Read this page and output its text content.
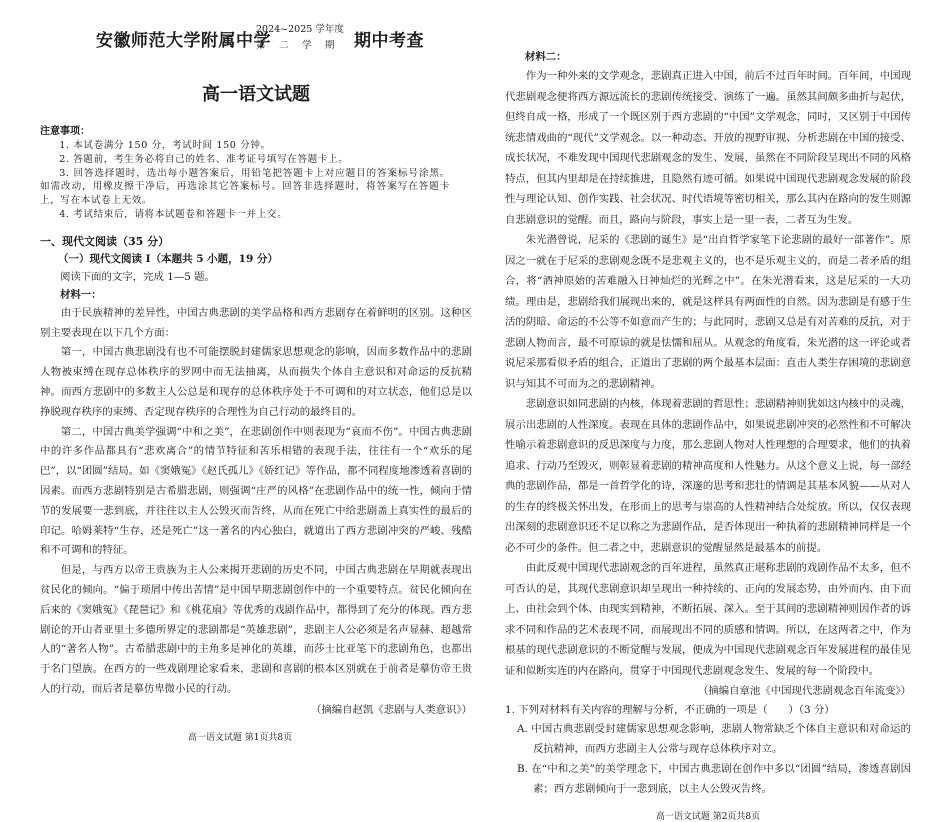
安徽师范大学附属中学
2024~2025 学年度
第　二　学　期 期中考查
高一语文试题
注意事项：

1. 本试卷满分 150 分，考试时间 150 分钟。

2. 答题前，考生务必将自己的姓名、准考证号填写在答题卡上。

3. 回答选择题时，选出每小题答案后，用铅笔把答题卡上对应题目的答案标号涂黑。如需改动，用橡皮擦干净后，再选涂其它答案标号。回答非选择题时，将答案写在答题卡上，写在本试卷上无效。

4. 考试结束后，请将本试题卷和答题卡一并上交。

一、现代文阅读（35 分）
（一）现代文阅读 I（本题共 5 小题，19 分）
阅读下面的文字，完成 1—5 题。
材料一：

由于民族精神的差异性，中国古典悲剧的美学品格和西方悲剧存在着鲜明的区别。这种区别主要表现在以下几个方面：

第一，中国古典悲剧没有也不可能摆脱封建儒家思想观念的影响，因而多数作品中的悲剧人物被束缚在现存总体秩序的罗网中而无法抽离，从而损失个体自主意识和对命运的反抗精神。而西方悲剧中的多数主人公总是和现存的总体秩序处于不可调和的对立状态，他们总是以挣脱现存秩序的束缚、否定现存秩序的合理性为自己行动的最终目的。

第二，中国古典美学强调“中和之美”，在悲剧创作中则表现为“哀而不伤”。中国古典悲剧中的许多作品都具有“悲欢离合”的情节特征和苦乐相错的表现手法，往往有一个“欢乐的尾巴”，以“团圆”结局。如《窦娥冤》《赵氏孤儿》《娇红记》等作品，都不同程度地渗透着喜剧的因素。而西方悲剧特别是古希腊悲剧，则强调“庄严的风格”在悲剧作品中的统一性，倾向于情节的发展要一悲到底，并往往以主人公毁灭而告终，从而在死亡中给悲剧盖上真实性的最后的印记。哈姆莱特“生存，还是死亡”这一著名的内心独白，就道出了西方悲剧冲突的严峻、残酷和不可调和的特征。

但是，与西方以帝王贵族为主人公来揭开悲剧的历史不同，中国古典悲剧在早期就表现出贫民化的倾向。“偏于琐屑中传出苦情”是中国早期悲剧创作中的一个重要特点。贫民化倾向在后来的《窦娥冤》《琵琶记》和《桃花扇》等优秀的戏剧作品中，都得到了充分的体现。西方悲剧论的开山者亚里士多德所界定的悲剧都是“英雄悲剧”，悲剧主人公必须是名声显赫、超越常人的“著名人物”。古希腊悲剧中的主角多是神化的英雄，而莎士比亚笔下的悲剧角色，也都出于名门望族。在西方的一些戏剧理论家看来，悲剧和喜剧的根本区别就在于前者是摹仿帝王贵人的行动，而后者是摹仿卑微小民的行动。

（摘编自赵凯《悲剧与人类意识》）
高一语文试题 第1页共8页
材料二：

作为一种外来的文学观念，悲剧真正进入中国，前后不过百年时间。百年间，中国现代悲剧观念便将西方源远流长的悲剧传统接受、演练了一遍。虽然其间颇多曲折与起伏，但终自成一格，形成了一个既区别于西方悲剧的“中国”文学观念，同时，又区别于中国传统悲情戏曲的“现代”文学观念。以一种动态、开放的视野审视、分析悲剧在中国的接受、成长状况，不难发现中国现代悲剧观念的发生、发展，虽然在不同阶段呈现出不同的风格特点，但其内里却是在持续推进，且隐然有迹可循。如果说中国现代悲剧观念发展的阶段性与理论认知、创作实践、社会状况、时代语境等密切相关，那么其内在路向的发生则源自悲剧意识的觉醒。而且，路向与阶段，事实上是一里一表，二者互为生发。

朱光潜曾说，尼采的《悲剧的诞生》是“出自哲学家笔下论悲剧的最好一部著作”。原因之一就在于尼采的悲剧观念既不是悲观主义的，也不是乐观主义的，而是二者矛盾的组合，将“酒神原始的苦难融入日神灿烂的光辉之中”。在朱光潜看来，这是尼采的一大功绩。理由是，悲剧给我们展现出来的，就是这样具有两面性的自然。因为悲剧是有感于生活的阴暗、命运的不公等不如意而产生的；与此同时，悲剧又总是有对苦难的反抗，对于悲剧人物而言，最不可原谅的就是怯懦和屈从。从观念的角度看，朱光潜的这一评论或者说尼采那看似矛盾的组合，正道出了悲剧的两个最基本层面：直击人类生存困境的悲剧意识与知其不可而为之的悲剧精神。

悲剧意识如同悲剧的内核，体现着悲剧的哲思性；悲剧精神则犹如这内核中的灵魂，展示出悲剧的人性深度。表现在具体的悲剧作品中，如果说悲剧冲突的必然性和不可解决性喻示着悲剧意识的反思深度与力度，那么悲剧人物对人性理想的合理要求，他们的执着追求、行动乃至毁灭，则彰显着悲剧的精神高度和人性魅力。从这个意义上说，每一部经典的悲剧作品，都是一首哲学化的诗，深邃的思考和悲壮的情调是其基本风貌——从对人的生存的终极关怀出发，在形而上的思考与崇高的人性精神结合处绽放。所以，仅仅表现出深刻的悲剧意识还不足以称之为悲剧作品，是否体现出一种执着的悲剧精神同样是一个必不可少的条件。但二者之中，悲剧意识的觉醒显然是最基本的前提。

由此反观中国现代悲剧观念的百年进程，虽然真正堪称悲剧的戏剧作品不太多，但不可否认的是，其现代悲剧意识却呈现出一种持续的、正向的发展态势，由外而内、由下而上、由社会到个体、由现实到精神，不断拓展、深入。至于其间的悲剧精神则因作者的诉求不同和作品的艺术表现不同，而展现出不同的质感和情调。所以，在这两者之中，作为根基的现代悲剧意识的不断觉醒与发展，便成为中国现代悲剧观念百年发展进程的最佳见证和似断实连的内在路向，贯穿于中国现代悲剧观念发生、发展的每一个阶段中。

（摘编自章池《中国现代悲剧观念百年流变》）
1. 下列对材料有关内容的理解与分析，不正确的一项是（　　）（3 分）

A. 中国古典悲剧受封建儒家思想观念影响，悲剧人物常缺乏个体自主意识和对命运的反抗精神，而西方悲剧主人公常与现存总体秩序对立。

B. 在“中和之美”的美学理念下，中国古典悲剧在创作中多以“团圆”结局，渗透喜剧因素；西方悲剧倾向于一悲到底，以主人公毁灭告终。

高一语文试题 第2页共8页
